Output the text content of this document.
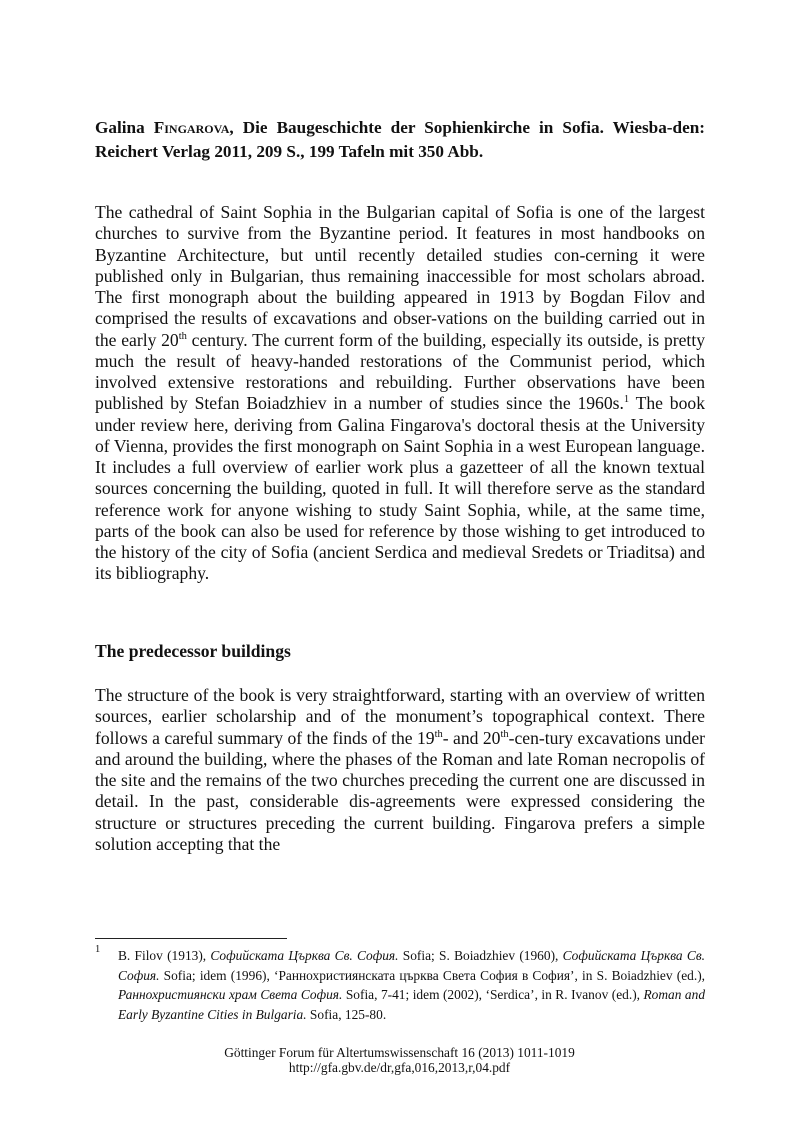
Galina Fingarova, Die Baugeschichte der Sophienkirche in Sofia. Wiesba-den: Reichert Verlag 2011, 209 S., 199 Tafeln mit 350 Abb.
The cathedral of Saint Sophia in the Bulgarian capital of Sofia is one of the largest churches to survive from the Byzantine period. It features in most handbooks on Byzantine Architecture, but until recently detailed studies con-cerning it were published only in Bulgarian, thus remaining inaccessible for most scholars abroad. The first monograph about the building appeared in 1913 by Bogdan Filov and comprised the results of excavations and obser-vations on the building carried out in the early 20th century. The current form of the building, especially its outside, is pretty much the result of heavy-handed restorations of the Communist period, which involved extensive restorations and rebuilding. Further observations have been published by Stefan Boiadzhiev in a number of studies since the 1960s.$^1$ The book under review here, deriving from Galina Fingarova's doctoral thesis at the University of Vienna, provides the first monograph on Saint Sophia in a west European language. It includes a full overview of earlier work plus a gazetteer of all the known textual sources concerning the building, quoted in full. It will therefore serve as the standard reference work for anyone wishing to study Saint Sophia, while, at the same time, parts of the book can also be used for reference by those wishing to get introduced to the history of the city of Sofia (ancient Serdica and medieval Sredets or Triaditsa) and its bibliography.
The predecessor buildings
The structure of the book is very straightforward, starting with an overview of written sources, earlier scholarship and of the monument’s topographical context. There follows a careful summary of the finds of the 19th- and 20th-cen-tury excavations under and around the building, where the phases of the Roman and late Roman necropolis of the site and the remains of the two churches preceding the current one are discussed in detail. In the past, considerable dis-agreements were expressed considering the structure or structures preceding the current building. Fingarova prefers a simple solution accepting that the
1 B. Filov (1913), Софийската Църква Св. София. Sofia; S. Boiadzhiev (1960), Софийската Църква Св. София. Sofia; idem (1996), ‘Раннохристиянската църква Света София в София’, in S. Boiadzhiev (ed.), Раннохристиянски храм Света София. Sofia, 7-41; idem (2002), ‘Serdica’, in R. Ivanov (ed.), Roman and Early Byzantine Cities in Bulgaria. Sofia, 125-80.
Göttinger Forum für Altertumswissenschaft 16 (2013) 1011-1019
http://gfa.gbv.de/dr,gfa,016,2013,r,04.pdf
